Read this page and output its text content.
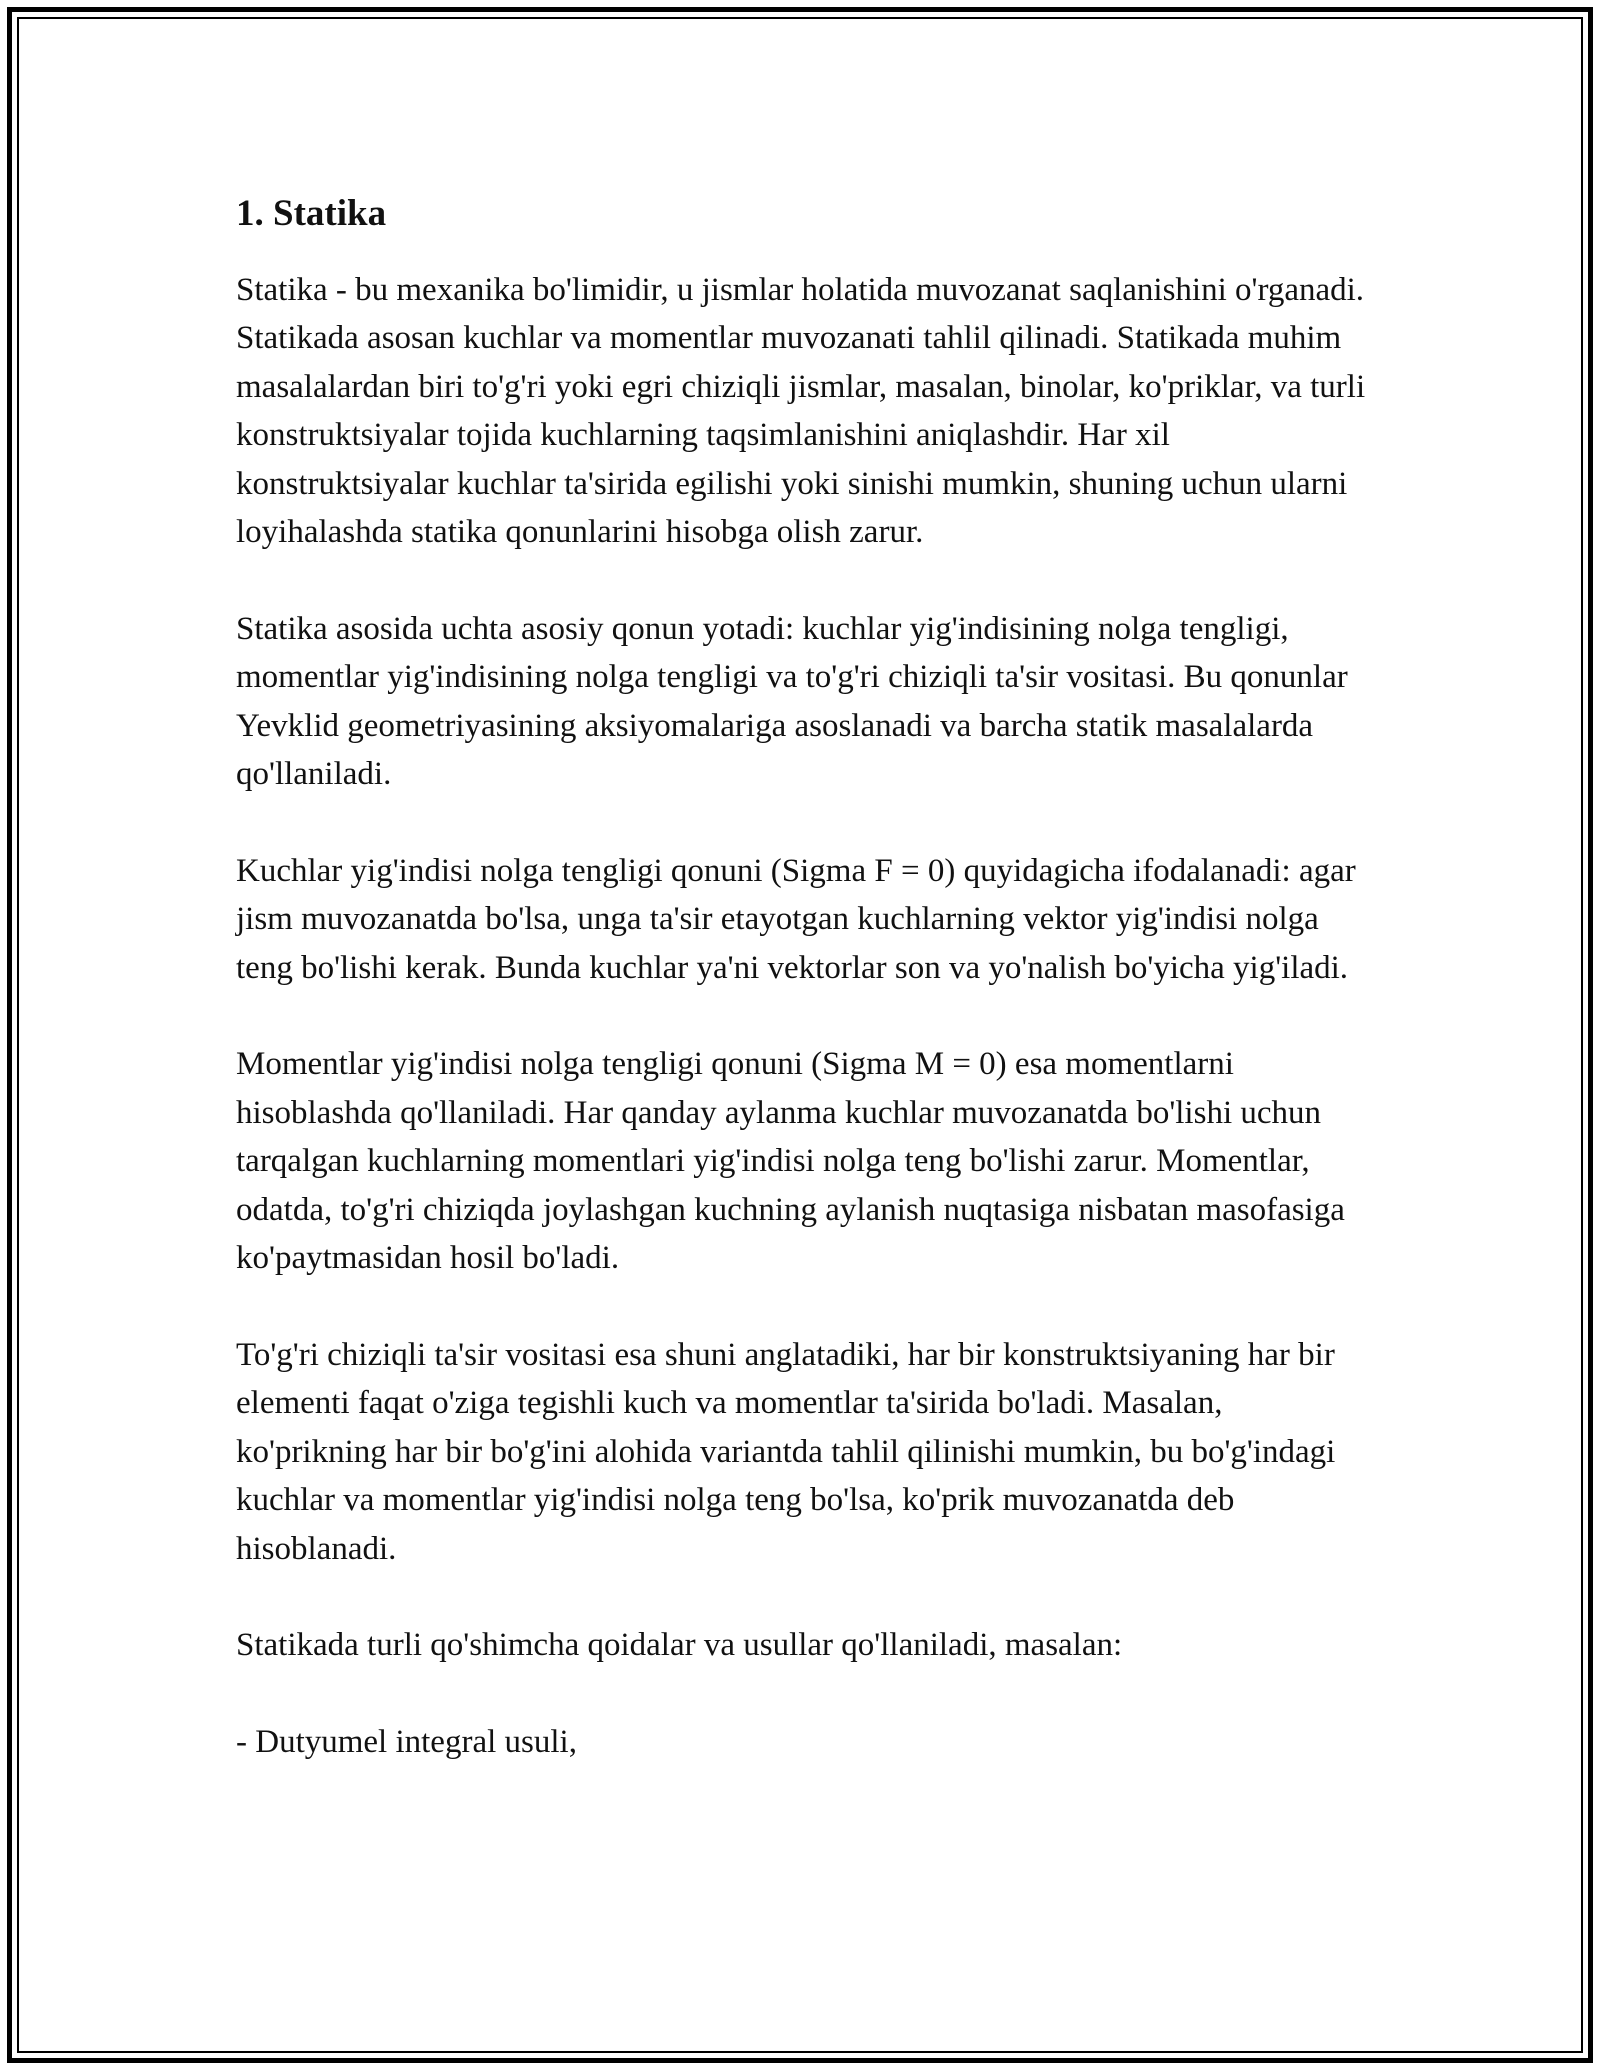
1. Statika

Statika - bu mexanika bo'limidir, u jismlar holatida muvozanat saqlanishini o'rganadi. Statikada asosan kuchlar va momentlar muvozanati tahlil qilinadi. Statikada muhim masalalardan biri to'g'ri yoki egri chiziqli jismlar, masalan, binolar, ko'priklar, va turli konstruktsiyalar tojida kuchlarning taqsimlanishini aniqlashdir. Har xil konstruktsiyalar kuchlar ta'sirida egilishi yoki sinishi mumkin, shuning uchun ularni loyihalashda statika qonunlarini hisobga olish zarur.

Statika asosida uchta asosiy qonun yotadi: kuchlar yig'indisining nolga tengligi, momentlar yig'indisining nolga tengligi va to'g'ri chiziqli ta'sir vositasi. Bu qonunlar Yevklid geometriyasining aksiyomalariga asoslanadi va barcha statik masalalarda qo'llaniladi.

Kuchlar yig'indisi nolga tengligi qonuni (Sigma F = 0) quyidagicha ifodalanadi: agar jism muvozanatda bo'lsa, unga ta'sir etayotgan kuchlarning vektor yig'indisi nolga teng bo'lishi kerak. Bunda kuchlar ya'ni vektorlar son va yo'nalish bo'yicha yig'iladi.

Momentlar yig'indisi nolga tengligi qonuni (Sigma M = 0) esa momentlarni hisoblashda qo'llaniladi. Har qanday aylanma kuchlar muvozanatda bo'lishi uchun tarqalgan kuchlarning momentlari yig'indisi nolga teng bo'lishi zarur. Momentlar, odatda, to'g'ri chiziqda joylashgan kuchning aylanish nuqtasiga nisbatan masofasiga ko'paytmasidan hosil bo'ladi.

To'g'ri chiziqli ta'sir vositasi esa shuni anglatadiki, har bir konstruktsiyaning har bir elementi faqat o'ziga tegishli kuch va momentlar ta'sirida bo'ladi. Masalan, ko'prikning har bir bo'g'ini alohida variantda tahlil qilinishi mumkin, bu bo'g'indagi kuchlar va momentlar yig'indisi nolga teng bo'lsa, ko'prik muvozanatda deb hisoblanadi.

Statikada turli qo'shimcha qoidalar va usullar qo'llaniladi, masalan:

- Dutyumel integral usuli,
